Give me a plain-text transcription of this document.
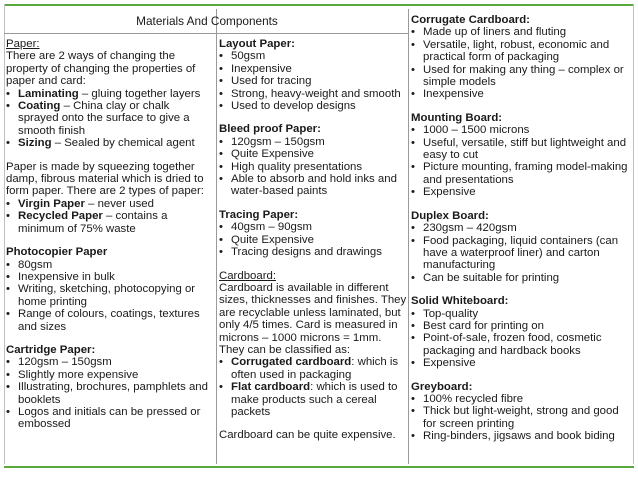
Materials And Components

Paper:

There are 2 ways of changing the property of changing the properties of paper and card:

• Laminating – gluing together layers
• Coating – China clay or chalk sprayed onto the surface to give a smooth finish
• Sizing – Sealed by chemical agent

Paper is made by squeezing together damp, fibrous material which is dried to form paper. There are 2 types of paper:

• Virgin Paper – never used
• Recycled Paper – contains a minimum of 75% waste

Photocopier Paper

• 80gsm
• Inexpensive in bulk
• Writing, sketching, photocopying or home printing
• Range of colours, coatings, textures and sizes

Cartridge Paper:

• 120gsm – 150gsm
• Slightly more expensive
• Illustrating, brochures, pamphlets and booklets
• Logos and initials can be pressed or embossed

Layout Paper:

• 50gsm
• Inexpensive
• Used for tracing
• Strong, heavy-weight and smooth
• Used to develop designs

Bleed proof Paper:

• 120gsm – 150gsm
• Quite Expensive
• High quality presentations
• Able to absorb and hold inks and water-based paints

Tracing Paper:

• 40gsm – 90gsm
• Quite Expensive
• Tracing designs and drawings

Cardboard:

Cardboard is available in different sizes, thicknesses and finishes. They are recyclable unless laminated, but only 4/5 times. Card is measured in microns – 1000 microns = 1mm. They can be classified as:

• Corrugated cardboard: which is often used in packaging
• Flat cardboard: which is used to make products such a cereal packets

Cardboard can be quite expensive.

Corrugate Cardboard:

• Made up of liners and fluting
• Versatile, light, robust, economic and practical form of packaging
• Used for making any thing – complex or simple models
• Inexpensive

Mounting Board:

• 1000 – 1500 microns
• Useful, versatile, stiff but lightweight and easy to cut
• Picture mounting, framing model-making and presentations
• Expensive

Duplex Board:

• 230gsm – 420gsm
• Food packaging, liquid containers (can have a waterproof liner) and carton manufacturing
• Can be suitable for printing

Solid Whiteboard:

• Top-quality
• Best card for printing on
• Point-of-sale, frozen food, cosmetic packaging and hardback books
• Expensive

Greyboard:

• 100% recycled fibre
• Thick but light-weight, strong and good for screen printing
• Ring-binders, jigsaws and book biding
